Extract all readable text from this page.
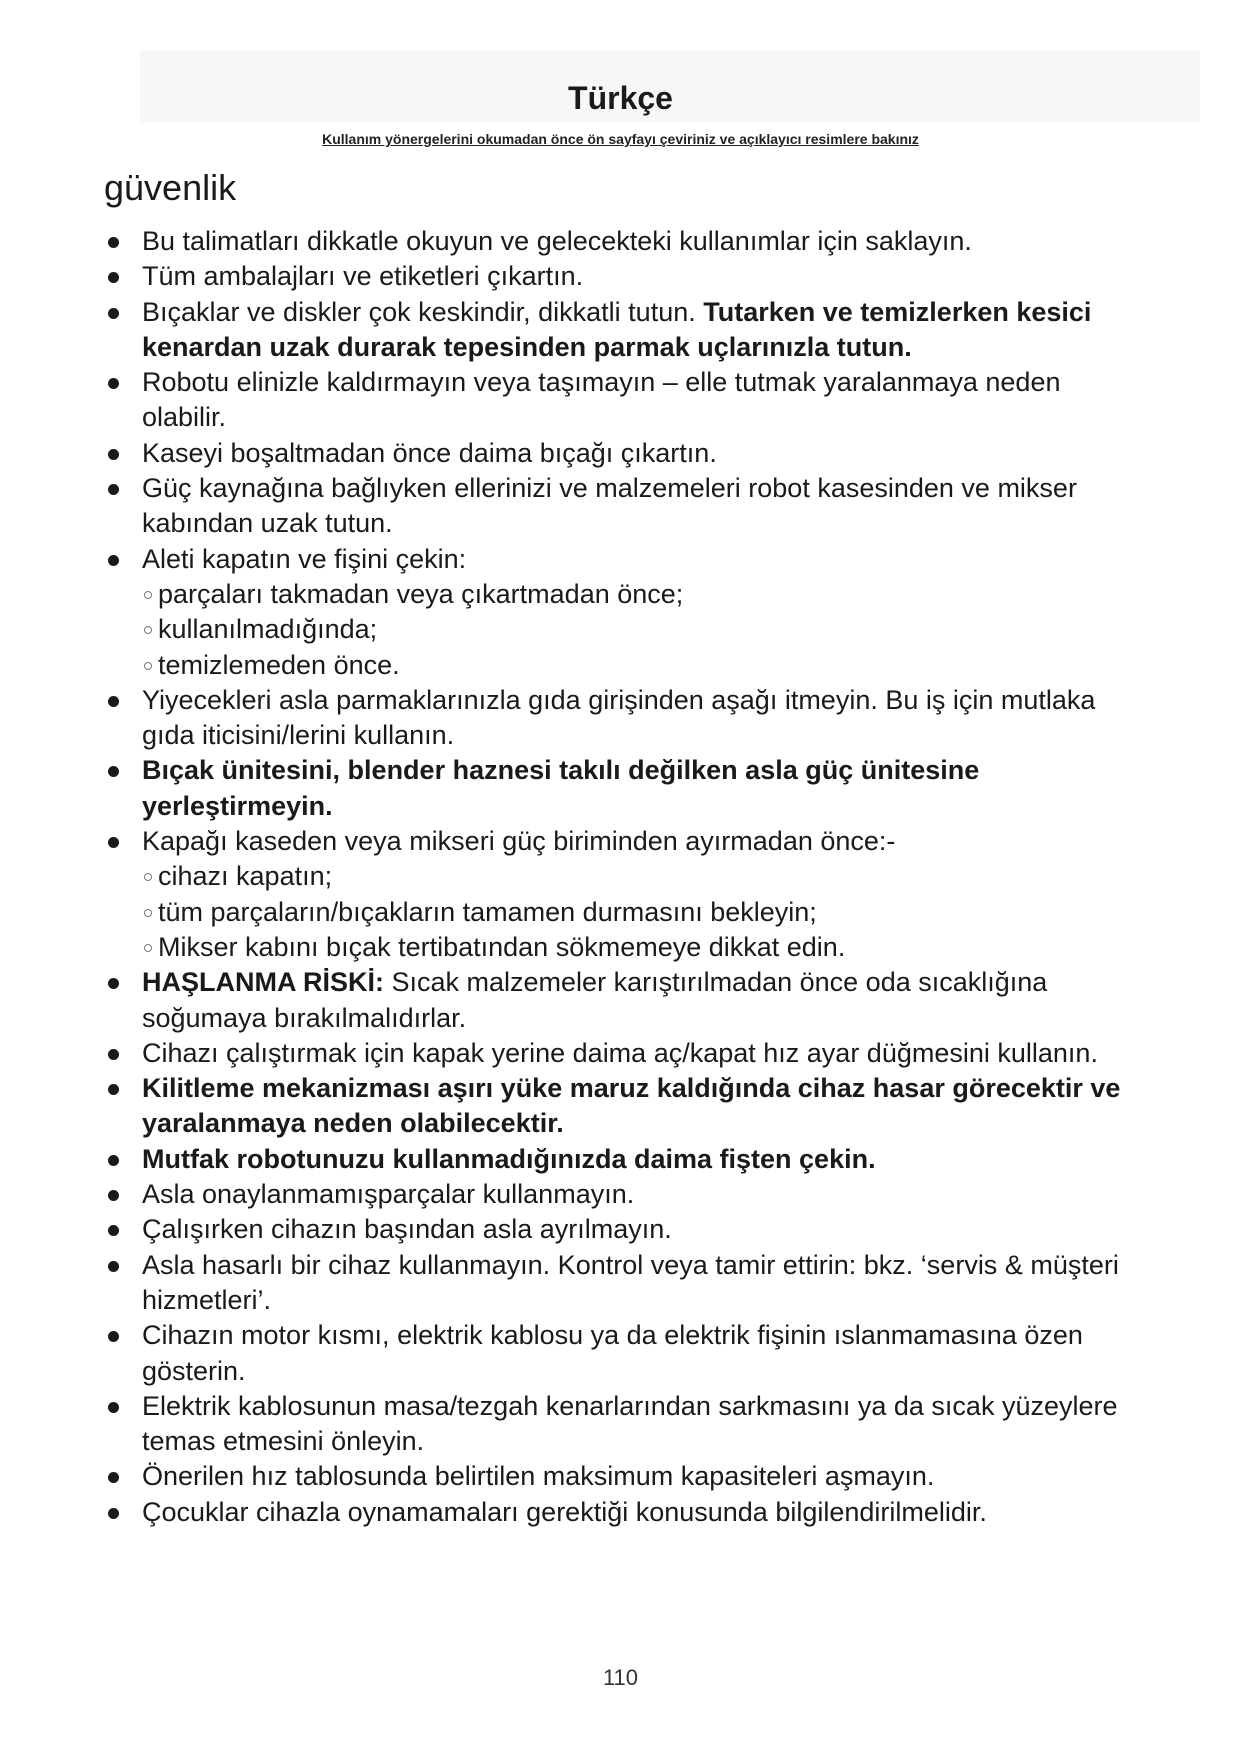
Türkçe
Kullanım yönergelerini okumadan önce ön sayfayı çeviriniz ve açıklayıcı resimlere bakınız
güvenlik
Bu talimatları dikkatle okuyun ve gelecekteki kullanımlar için saklayın.
Tüm ambalajları ve etiketleri çıkartın.
Bıçaklar ve diskler çok keskindir, dikkatli tutun. Tutarken ve temizlerken kesici kenardan uzak durarak tepesinden parmak uçlarınızla tutun.
Robotu elinizle kaldırmayın veya taşımayın – elle tutmak yaralanmaya neden olabilir.
Kaseyi boşaltmadan önce daima bıçağı çıkartın.
Güç kaynağına bağlıyken ellerinizi ve malzemeleri robot kasesinden ve mikser kabından uzak tutun.
Aleti kapatın ve fişini çekin:
parçaları takmadan veya çıkartmadan önce;
kullanılmadığında;
temizlemeden önce.
Yiyecekleri asla parmaklarınızla gıda girişinden aşağı itmeyin. Bu iş için mutlaka gıda iticisini/lerini kullanın.
Bıçak ünitesini, blender haznesi takılı değilken asla güç ünitesine yerleştirmeyin.
Kapağı kaseden veya mikseri güç biriminden ayırmadan önce:-
cihazı kapatın;
tüm parçaların/bıçakların tamamen durmasını bekleyin;
Mikser kabını bıçak tertibatından sökmemeye dikkat edin.
HAŞLANMA RİSKİ: Sıcak malzemeler karıştırılmadan önce oda sıcaklığına soğumaya bırakılmalıdırlar.
Cihazı çalıştırmak için kapak yerine daima aç/kapat hız ayar düğmesini kullanın.
Kilitleme mekanizması aşırı yüke maruz kaldığında cihaz hasar görecektir ve yaralanmaya neden olabilecektir.
Mutfak robotunuzu kullanmadığınızda daima fişten çekin.
Asla onaylanmamışparçalar kullanmayın.
Çalışırken cihazın başından asla ayrılmayın.
Asla hasarlı bir cihaz kullanmayın. Kontrol veya tamir ettirin: bkz. ‘servis & müşteri hizmetleri’.
Cihazın motor kısmı, elektrik kablosu ya da elektrik fişinin ıslanmamasına özen gösterin.
Elektrik kablosunun masa/tezgah kenarlarından sarkmasını ya da sıcak yüzeylere temas etmesini önleyin.
Önerilen hız tablosunda belirtilen maksimum kapasiteleri aşmayın.
Çocuklar cihazla oynamamaları gerektiği konusunda bilgilendirilmelidir.
110
